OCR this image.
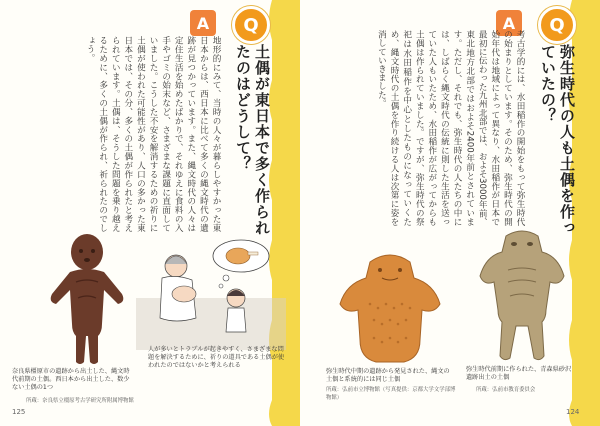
A	Q
土偶が東日本で多く作られたのはどうして？
地形的にみて、当時の人々が暮らしやすかった東日本からは、西日本に比べて多くの縄文時代の遺跡が見つかっています。また、縄文時代の人々は定住生活を始めたばかりで、それゆえに食料の入手やゴミの始末など、さまざまな課題に直面していました。こうした不安を解消するための祈りに土偶が使われた可能性があり、人口の多かった東日本では、その分、多くの土偶が作られたと考えられています。土偶は、そうした問題を乗り越えるために、多くの土偶が作られ、祈られたのでしょう。
人が多いとトラブルが起きやすく、さまざまな問題を解決するために、祈りの道具である土偶が使われたのではないかと考えられる
奈良県橿原市の遺跡から出土した、縄文時代前期の土偶。西日本から出土した、数少ない土偶の1つ
所蔵：奈良県立橿原考古学研究所附属博物館
125
A	Q
弥生時代の人も土偶を作っていたの？
考古学的には、水田稲作の開始をもって弥生時代の始まりとしています。そのため、弥生時代の開始年代は地域によって異なり、水田稲作が日本で最初に伝わった九州北部では、およそ3000年前、東北地方北部ではおよそ2400年前とされています。ただし、それでも、弥生時代の人たちの中には、しばらく縄文時代の伝統に則した生活を送っていた人もいたため、水田稲作が広がってからも土偶は作られていました。ですが、弥生時代の祭祀は水田稲作を中心としたものになっていくため、縄文時代の土偶を作り続ける人は次第に姿を消していきました。
弥生時代中期の遺跡から発見された、縄文の土偶と系統的には同じ土偶
所蔵：弘前市立博物館（写真提供：京都大学文学部博物館）
弥生時代前期に作られた、青森県砂沢遺跡出土の土偶
所蔵：弘前市教育委員会
124
